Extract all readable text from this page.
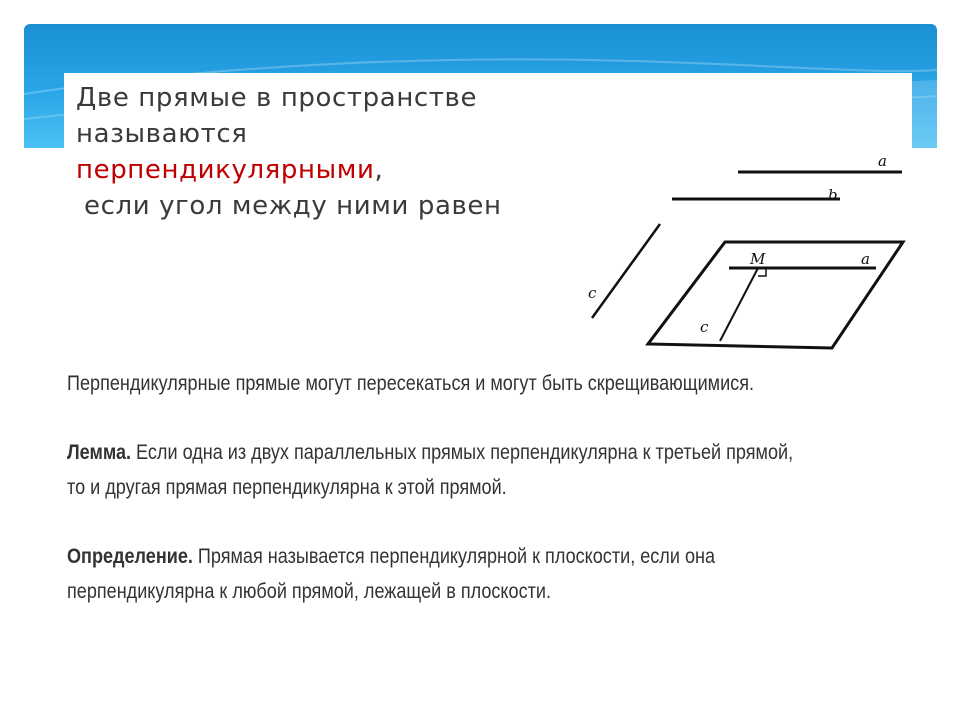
Две прямые в пространстве называются
перпендикулярными,

если угол между ними равен
a
b
c
a
M
c

Перпендикулярные прямые могут пересекаться и могут быть скрещивающимися.

Лемма. Если одна из двух параллельных прямых перпендикулярна к третьей прямой, то и другая прямая перпендикулярна к этой прямой.

Определение. Прямая называется перпендикулярной к плоскости, если она перпендикулярна к любой прямой, лежащей в плоскости.
